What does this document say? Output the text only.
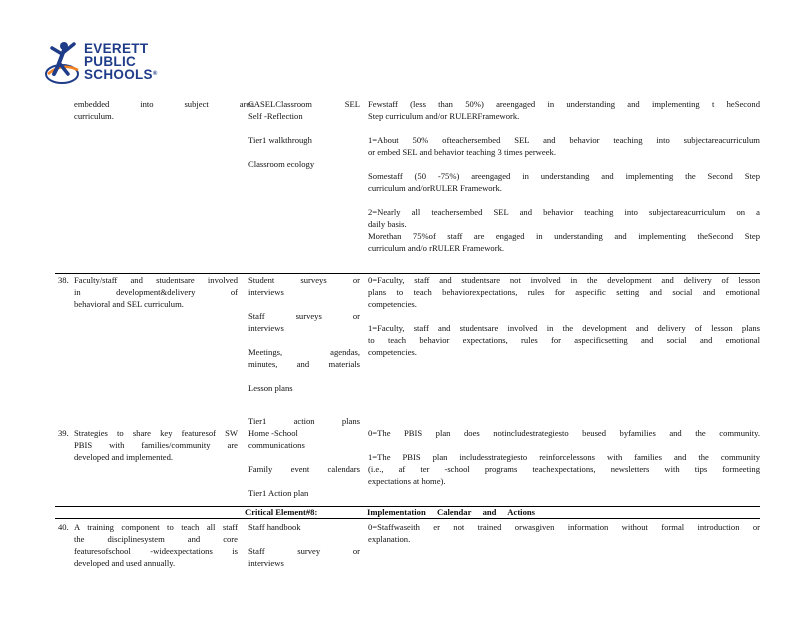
EVERETT
PUBLIC
SCHOOLS®

embedded into subject area

curriculum.

CASELClassroom SEL

Self -Reflection

Tier1 walkthrough

Classroom ecology

Fewstaff (less than 50%) areengaged in understanding and implementing t heSecond

Step curriculum and/or RULERFramework.

1=About 50% ofteachersembed SEL and behavior teaching into subjectareacurriculum

or embed SEL and behavior teaching 3 times perweek.

Somestaff (50 -75%) areengaged in understanding and implementing the Second Step

curriculum and/orRULER Framework.

2=Nearly all teachersembed SEL and behavior teaching into subjectareacurriculum on a

daily basis.

Morethan 75%of staff are engaged in understanding and implementing theSecond Step

curriculum and/o rRULER Framework.

38. Faculty/staff and studentsare involved

in development&delivery of

behavioral and SEL curriculum.

Student surveys or

interviews

Staff surveys or

interviews

Meetings, agendas,

minutes, and materials

Lesson plans

0=Faculty, staff and studentsare not involved in the development and delivery of lesson

plans to teach behaviorexpectations, rules for aspecific setting and social and emotional

competencies.

1=Faculty, staff and studentsare involved in the development and delivery of lesson plans

to teach behavior expectations, rules for aspecificsetting and social and emotional

competencies.

39. Strategies to share key featuresof SW

PBIS with families/community are

developed and implemented.

Tier1 action plans

Home -School

communications

Family event calendars

Tier1 Action plan

0=The PBIS plan does notincludestrategiesto beused byfamilies and the community.

1=The PBIS plan includesstrategiesto reinforcelessons with families and the community

(i.e., af ter -school programs teachexpectations, newsletters with tips formeeting

expectations at home).

Critical Element#8:	Implementation Calendar and Actions

40. A training component to teach all staff

the disciplinesystem and core

featuresofschool -wideexpectations is

developed and used annually.

Staff handbook

Staff survey or

interviews

0=Staffwaseith er not trained orwasgiven information without formal introduction or

explanation.
